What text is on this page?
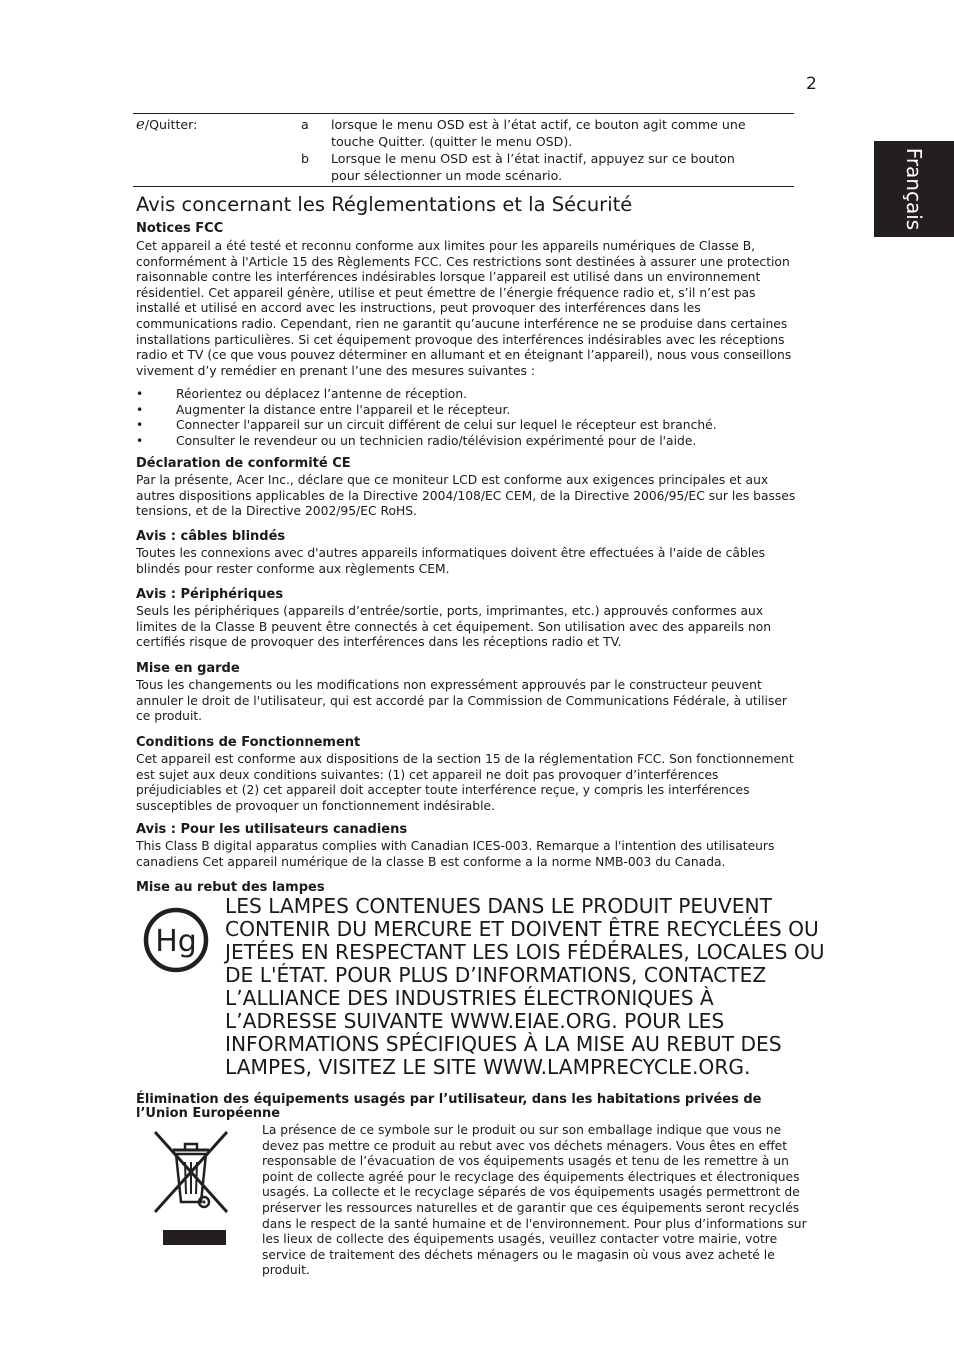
2
Français
e/Quitter:	a lorsque le menu OSD est à l’état actif, ce bouton agit comme une touche Quitter. (quitter le menu OSD).
b Lorsque le menu OSD est à l’état inactif, appuyez sur ce bouton pour sélectionner un mode scénario.
Avis concernant les Réglementations et la Sécurité
Notices FCC
Cet appareil a été testé et reconnu conforme aux limites pour les appareils numériques de Classe B, conformément à l'Article 15 des Règlements FCC. Ces restrictions sont destinées à assurer une protection raisonnable contre les interférences indésirables lorsque l’appareil est utilisé dans un environnement résidentiel. Cet appareil génère, utilise et peut émettre de l’énergie fréquence radio et, s’il n’est pas installé et utilisé en accord avec les instructions, peut provoquer des interférences dans les communications radio. Cependant, rien ne garantit qu’aucune interférence ne se produise dans certaines installations particulières. Si cet équipement provoque des interférences indésirables avec les réceptions radio et TV (ce que vous pouvez déterminer en allumant et en éteignant l’appareil), nous vous conseillons vivement d’y remédier en prenant l’une des mesures suivantes :
•	Réorientez ou déplacez l’antenne de réception.
•	Augmenter la distance entre l'appareil et le récepteur.
•	Connecter l'appareil sur un circuit différent de celui sur lequel le récepteur est branché.
•	Consulter le revendeur ou un technicien radio/télévision expérimenté pour de l'aide.
Déclaration de conformité CE
Par la présente, Acer Inc., déclare que ce moniteur LCD est conforme aux exigences principales et aux autres dispositions applicables de la Directive 2004/108/EC CEM, de la Directive 2006/95/EC sur les basses tensions, et de la Directive 2002/95/EC RoHS.
Avis : câbles blindés
Toutes les connexions avec d'autres appareils informatiques doivent être effectuées à l'aide de câbles blindés pour rester conforme aux règlements CEM.
Avis : Périphériques
Seuls les périphériques (appareils d’entrée/sortie, ports, imprimantes, etc.) approuvés conformes aux limites de la Classe B peuvent être connectés à cet équipement. Son utilisation avec des appareils non certifiés risque de provoquer des interférences dans les réceptions radio et TV.
Mise en garde
Tous les changements ou les modifications non expressément approuvés par le constructeur peuvent annuler le droit de l'utilisateur, qui est accordé par la Commission de Communications Fédérale, à utiliser ce produit.
Conditions de Fonctionnement
Cet appareil est conforme aux dispositions de la section 15 de la réglementation FCC. Son fonctionnement est sujet aux deux conditions suivantes: (1) cet appareil ne doit pas provoquer d’interférences préjudiciables et (2) cet appareil doit accepter toute interférence reçue, y compris les interférences susceptibles de provoquer un fonctionnement indésirable.
Avis : Pour les utilisateurs canadiens
This Class B digital apparatus complies with Canadian ICES-003. Remarque a l'intention des utilisateurs canadiens Cet appareil numérique de la classe B est conforme a la norme NMB-003 du Canada.
Mise au rebut des lampes
Hg
LES LAMPES CONTENUES DANS LE PRODUIT PEUVENT CONTENIR DU MERCURE ET DOIVENT ÊTRE RECYCLÉES OU JETÉES EN RESPECTANT LES LOIS FÉDÉRALES, LOCALES OU DE L'ÉTAT. POUR PLUS D’INFORMATIONS, CONTACTEZ L’ALLIANCE DES INDUSTRIES ÉLECTRONIQUES À L’ADRESSE SUIVANTE WWW.EIAE.ORG. POUR LES INFORMATIONS SPÉCIFIQUES À LA MISE AU REBUT DES LAMPES, VISITEZ LE SITE WWW.LAMPRECYCLE.ORG.
Élimination des équipements usagés par l’utilisateur, dans les habitations privées de l’Union Européenne
La présence de ce symbole sur le produit ou sur son emballage indique que vous ne devez pas mettre ce produit au rebut avec vos déchets ménagers. Vous êtes en effet responsable de l’évacuation de vos équipements usagés et tenu de les remettre à un point de collecte agréé pour le recyclage des équipements électriques et électroniques usagés. La collecte et le recyclage séparés de vos équipements usagés permettront de préserver les ressources naturelles et de garantir que ces équipements seront recyclés dans le respect de la santé humaine et de l'environnement. Pour plus d’informations sur les lieux de collecte des équipements usagés, veuillez contacter votre mairie, votre service de traitement des déchets ménagers ou le magasin où vous avez acheté le produit.
